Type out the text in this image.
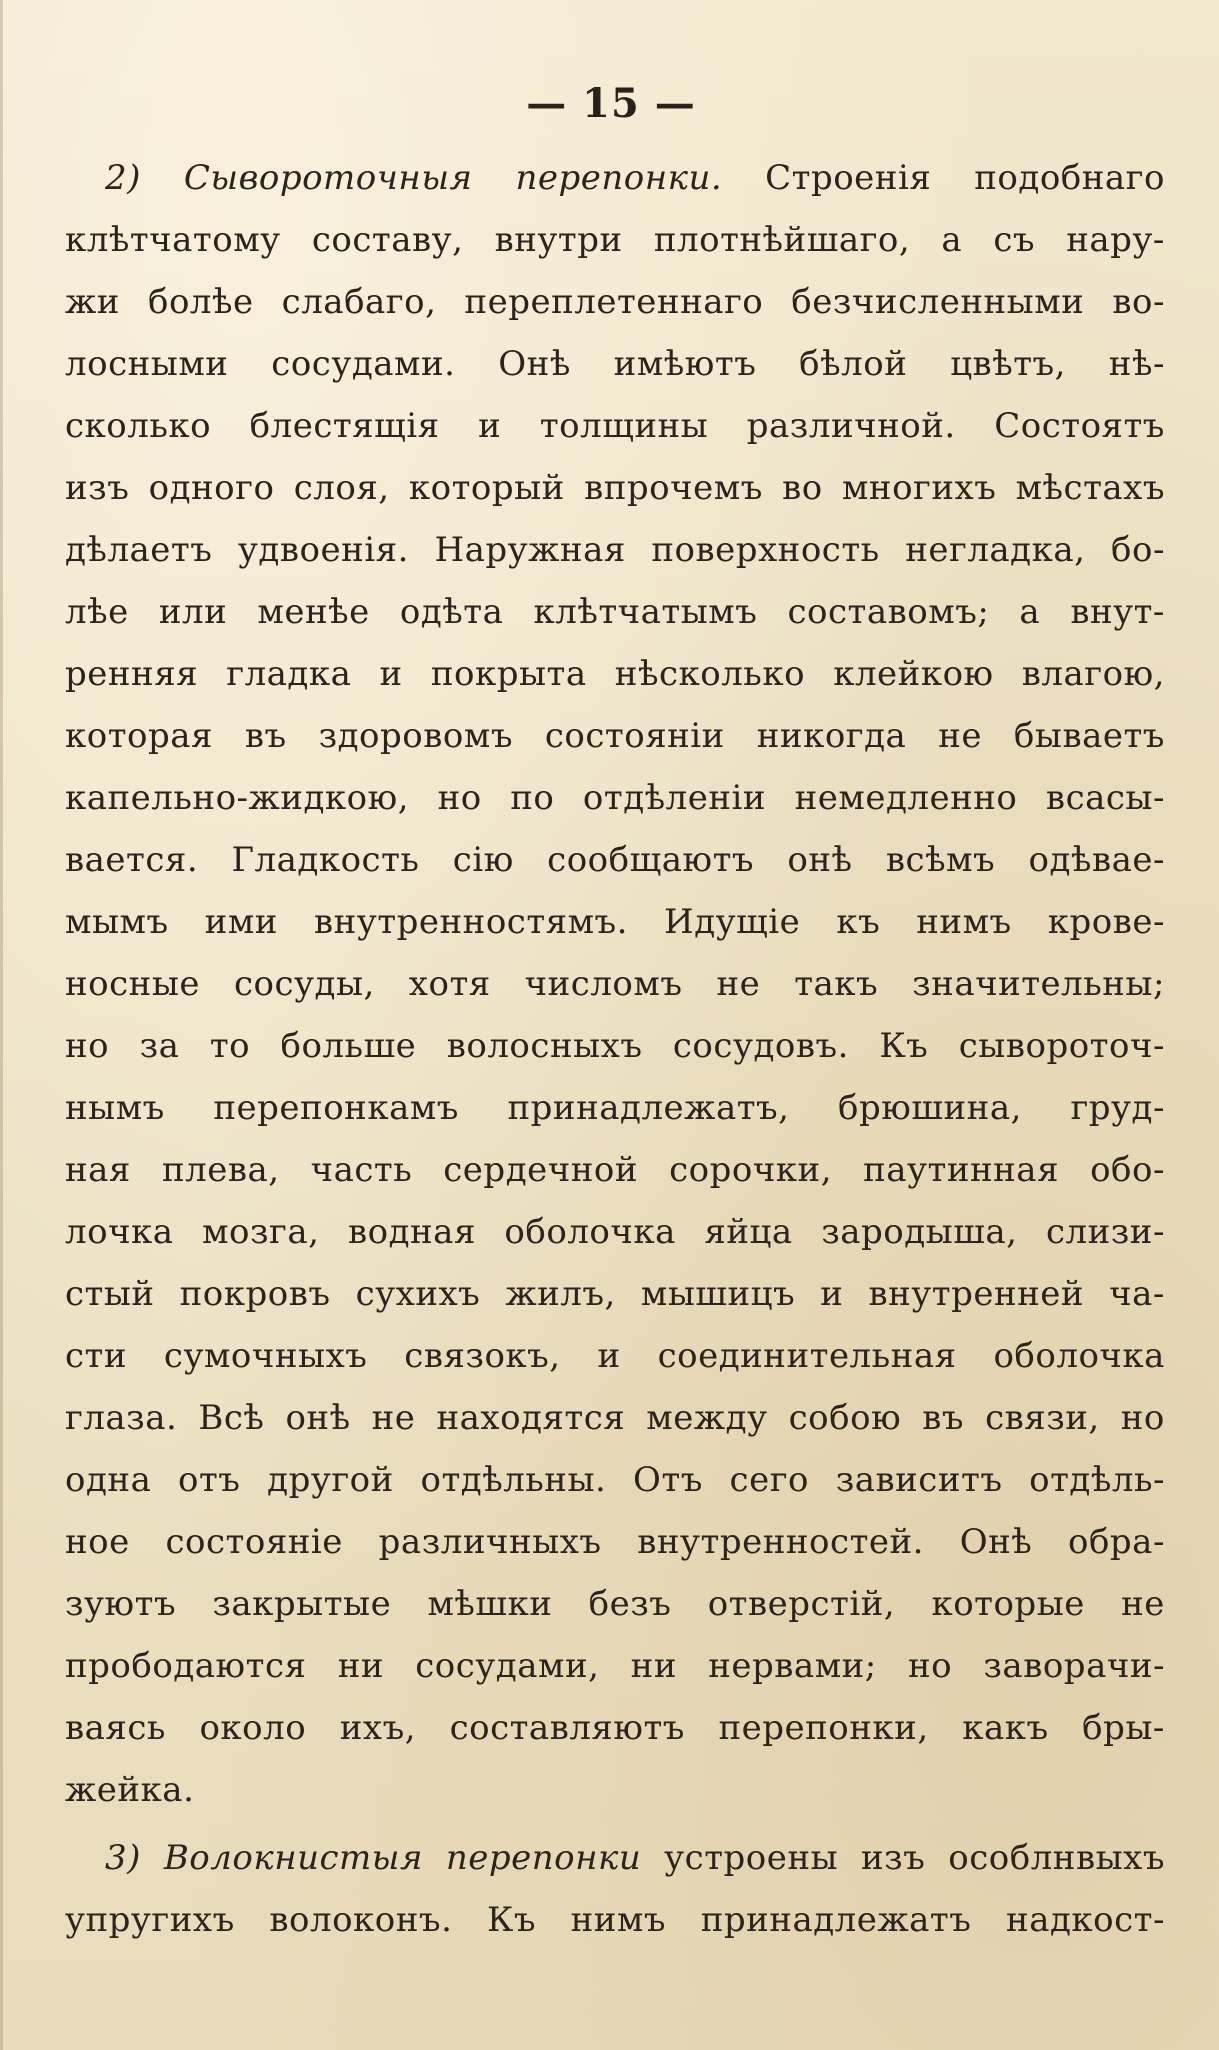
— 15 —
2) Сывороточныя перепонки. Строенія подобнаго
клѣтчатому составу, внутри плотнѣйшаго, а съ нару-
жи болѣе слабаго, переплетеннаго безчисленными во-
лосными сосудами. Онѣ имѣютъ бѣлой цвѣтъ, нѣ-
сколько блестящія и толщины различной. Состоятъ
изъ одного слоя, который впрочемъ во многихъ мѣстахъ
дѣлаетъ удвоенія. Наружная поверхность негладка, бо-
лѣе или менѣе одѣта клѣтчатымъ составомъ; а внут-
ренняя гладка и покрыта нѣсколько клейкою влагою,
которая въ здоровомъ состояніи никогда не бываетъ
капельно-жидкою, но по отдѣленіи немедленно всасы-
вается. Гладкость сію сообщаютъ онѣ всѣмъ одѣвае-
мымъ ими внутренностямъ. Идущіе къ нимъ крове-
носные сосуды, хотя числомъ не такъ значительны;
но за то больше волосныхъ сосудовъ. Къ сывороточ-
нымъ перепонкамъ принадлежатъ, брюшина, груд-
ная плева, часть сердечной сорочки, паутинная обо-
лочка мозга, водная оболочка яйца зародыша, слизи-
стый покровъ сухихъ жилъ, мышицъ и внутренней ча-
сти сумочныхъ связокъ, и соединительная оболочка
глаза. Всѣ онѣ не находятся между собою въ связи, но
одна отъ другой отдѣльны. Отъ сего зависитъ отдѣль-
ное состояніе различныхъ внутренностей. Онѣ обра-
зуютъ закрытые мѣшки безъ отверстій, которые не
прободаются ни сосудами, ни нервами; но заворачи-
ваясь около ихъ, составляютъ перепонки, какъ бры-
жейка.
3) Волокнистыя перепонки устроены изъ особлнвыхъ
упругихъ волоконъ. Къ нимъ принадлежатъ надкост-
